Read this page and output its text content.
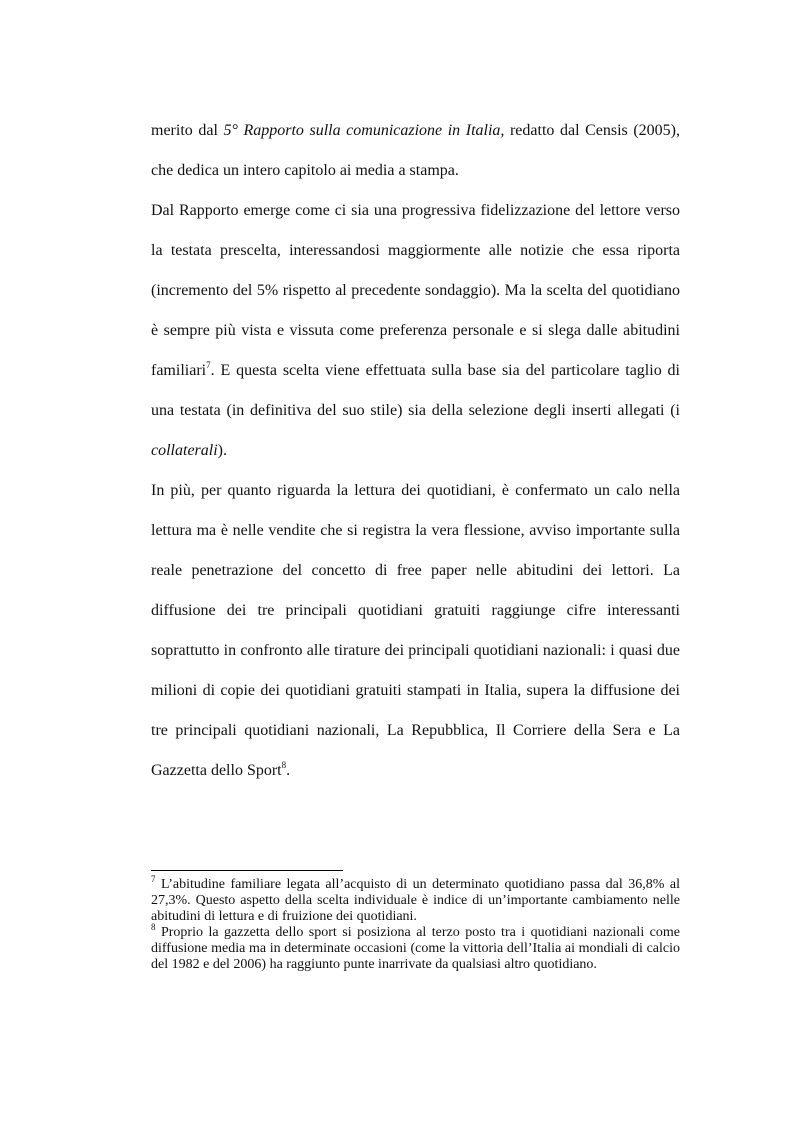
merito dal 5° Rapporto sulla comunicazione in Italia, redatto dal Censis (2005), che dedica un intero capitolo ai media a stampa.

Dal Rapporto emerge come ci sia una progressiva fidelizzazione del lettore verso la testata prescelta, interessandosi maggiormente alle notizie che essa riporta (incremento del 5% rispetto al precedente sondaggio). Ma la scelta del quotidiano è sempre più vista e vissuta come preferenza personale e si slega dalle abitudini familiari$^7$. E questa scelta viene effettuata sulla base sia del particolare taglio di una testata (in definitiva del suo stile) sia della selezione degli inserti allegati (i collaterali).

In più, per quanto riguarda la lettura dei quotidiani, è confermato un calo nella lettura ma è nelle vendite che si registra la vera flessione, avviso importante sulla reale penetrazione del concetto di free paper nelle abitudini dei lettori. La diffusione dei tre principali quotidiani gratuiti raggiunge cifre interessanti soprattutto in confronto alle tirature dei principali quotidiani nazionali: i quasi due milioni di copie dei quotidiani gratuiti stampati in Italia, supera la diffusione dei tre principali quotidiani nazionali, La Repubblica, Il Corriere della Sera e La Gazzetta dello Sport$^8$.

$^7$ L’abitudine familiare legata all’acquisto di un determinato quotidiano passa dal 36,8% al 27,3%. Questo aspetto della scelta individuale è indice di un’importante cambiamento nelle abitudini di lettura e di fruizione dei quotidiani.

$^8$ Proprio la gazzetta dello sport si posiziona al terzo posto tra i quotidiani nazionali come diffusione media ma in determinate occasioni (come la vittoria dell’Italia ai mondiali di calcio del 1982 e del 2006) ha raggiunto punte inarrivate da qualsiasi altro quotidiano.
